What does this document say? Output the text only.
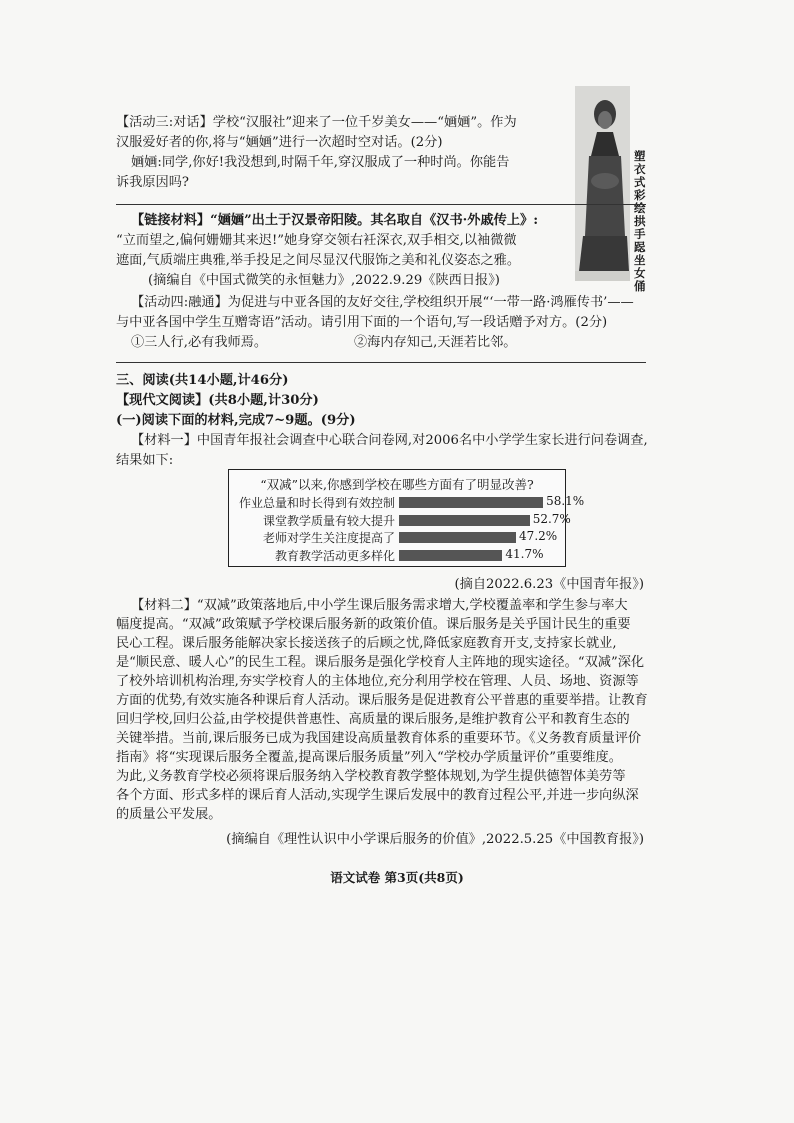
【活动三:对话】学校“汉服社”迎来了一位千岁美女——“婳婳”。作为
汉服爱好者的你,将与“婳婳”进行一次超时空对话。(2分)
婳婳:同学,你好!我没想到,时隔千年,穿汉服成了一种时尚。你能告
诉我原因吗?
塑衣式彩绘拱手跽坐女俑
【链接材料】“婳婳”出土于汉景帝阳陵。其名取自《汉书·外戚传上》:
“立而望之,偏何姗姗其来迟!”她身穿交领右衽深衣,双手相交,以袖微微
遮面,气质端庄典雅,举手投足之间尽显汉代服饰之美和礼仪姿态之雅。
(摘编自《中国式微笑的永恒魅力》,2022.9.29《陕西日报》)
【活动四:融通】为促进与中亚各国的友好交往,学校组织开展“‘一带一路·鸿雁传书’——
与中亚各国中学生互赠寄语”活动。请引用下面的一个语句,写一段话赠予对方。(2分)
①三人行,必有我师焉。	②海内存知己,天涯若比邻。
三、阅读(共14小题,计46分)
【现代文阅读】(共8小题,计30分)
(一)阅读下面的材料,完成7~9题。(9分)
【材料一】中国青年报社会调查中心联合问卷网,对2006名中小学学生家长进行问卷调查,
结果如下:
“双减”以来,你感到学校在哪些方面有了明显改善?
作业总量和时长得到有效控制	58.1%
课堂教学质量有较大提升	52.7%
老师对学生关注度提高了	47.2%
教育教学活动更多样化	41.7%
(摘自2022.6.23《中国青年报》)
【材料二】“双减”政策落地后,中小学生课后服务需求增大,学校覆盖率和学生参与率大
幅度提高。“双减”政策赋予学校课后服务新的政策价值。课后服务是关乎国计民生的重要
民心工程。课后服务能解决家长接送孩子的后顾之忧,降低家庭教育开支,支持家长就业,
是“顺民意、暖人心”的民生工程。课后服务是强化学校育人主阵地的现实途径。“双减”深化
了校外培训机构治理,夯实学校育人的主体地位,充分利用学校在管理、人员、场地、资源等
方面的优势,有效实施各种课后育人活动。课后服务是促进教育公平普惠的重要举措。让教育
回归学校,回归公益,由学校提供普惠性、高质量的课后服务,是维护教育公平和教育生态的
关键举措。当前,课后服务已成为我国建设高质量教育体系的重要环节。《义务教育质量评价
指南》将“实现课后服务全覆盖,提高课后服务质量”列入“学校办学质量评价”重要维度。
为此,义务教育学校必须将课后服务纳入学校教育教学整体规划,为学生提供德智体美劳等
各个方面、形式多样的课后育人活动,实现学生课后发展中的教育过程公平,并进一步向纵深
的质量公平发展。
(摘编自《理性认识中小学课后服务的价值》,2022.5.25《中国教育报》)
语文试卷 第3页(共8页)
